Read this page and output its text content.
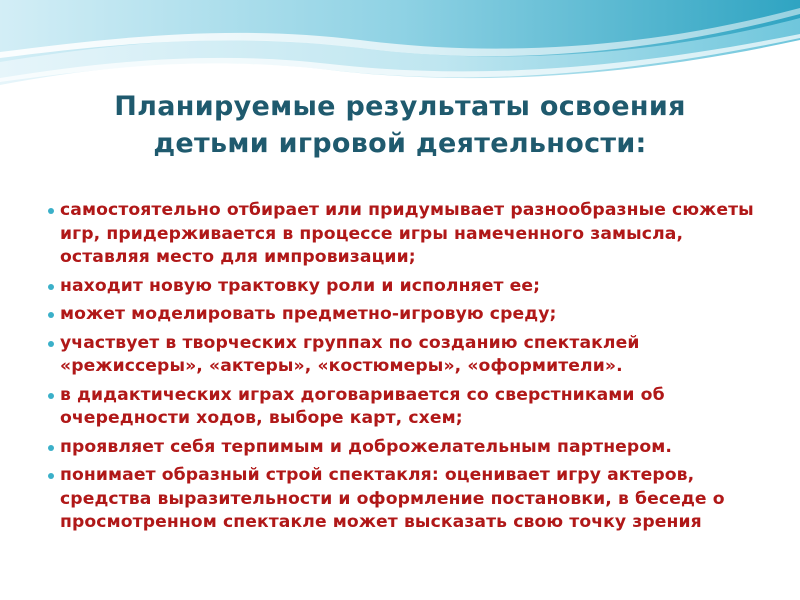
Планируемые результаты освоения
детьми игровой деятельности:
самостоятельно отбирает или придумывает разнообразные сюжеты игр, придерживается в процессе игры намеченного замысла, оставляя место для импровизации;
находит новую трактовку роли и исполняет ее;
может моделировать предметно-игровую среду;
участвует в творческих группах по созданию спектаклей «режиссеры», «актеры», «костюмеры», «оформители».
в дидактических играх договаривается со сверстниками об очередности ходов, выборе карт, схем;
проявляет себя терпимым и доброжелательным партнером.
понимает образный строй спектакля: оценивает игру актеров, средства выразительности и оформление постановки, в беседе о просмотренном спектакле может высказать свою точку зрения
